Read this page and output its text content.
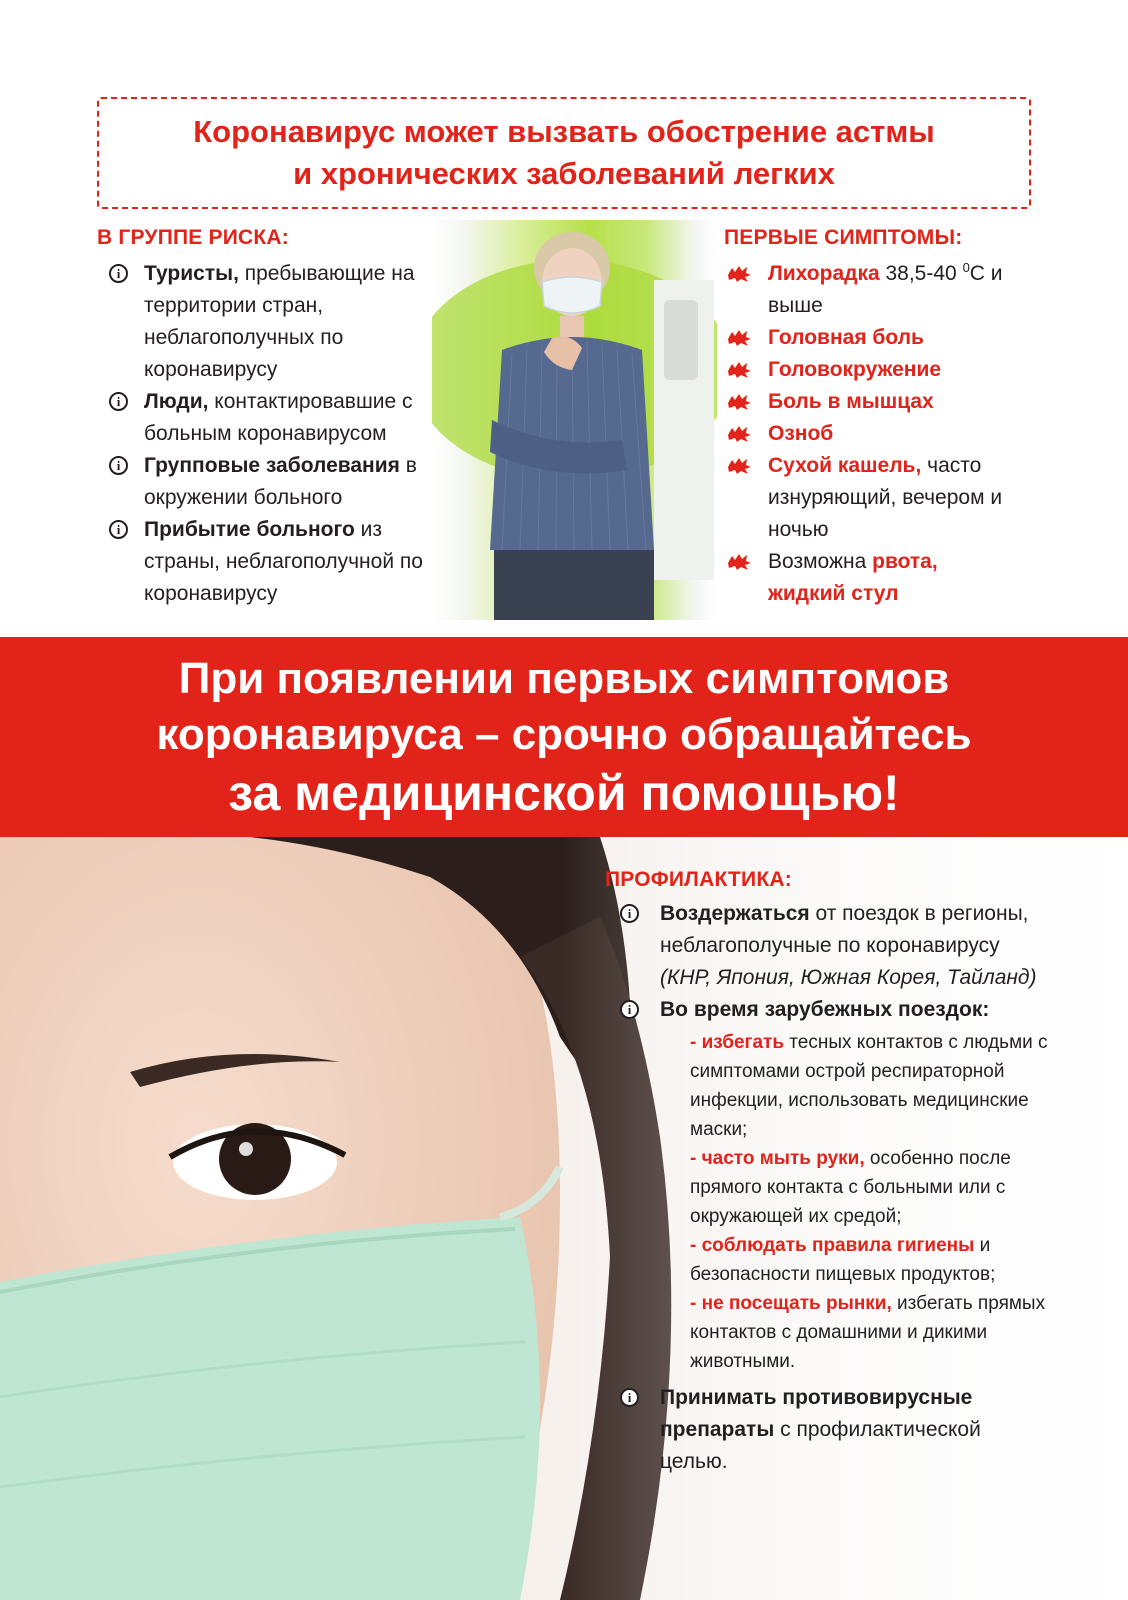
Коронавирус может вызвать обострение астмы
и хронических заболеваний легких
В ГРУППЕ РИСКА:
i	Туристы, пребывающие на территории стран, неблагополучных по коронавирусу
i	Люди, контактировавшие с больным коронавирусом
i	Групповые заболевания в окружении больного
i	Прибытие больного из страны, неблагополучной по коронавирусу
ПЕРВЫЕ СИМПТОМЫ:
Лихорадка 38,5-40 $^0$С и выше
Головная боль
Головокружение
Боль в мышцах
Озноб
Сухой кашель, часто изнуряющий, вечером и ночью
Возможна рвота,
жидкий стул
При появлении первых симптомов
коронавируса – срочно обращайтесь
за медицинской помощью!
ПРОФИЛАКТИКА:
i	Воздержаться от поездок в регионы, неблагополучные по коронавирусу (КНР, Япония, Южная Корея, Тайланд)
i	Во время зарубежных поездок:
- избегать тесных контактов с людьми с симптомами острой респираторной инфекции, использовать медицинские маски;
- часто мыть руки, особенно после прямого контакта с больными или с окружающей их средой;
- соблюдать правила гигиены и безопасности пищевых продуктов;
- не посещать рынки, избегать прямых контактов с домашними и дикими животными.
i	Принимать противовирусные препараты с профилактической целью.
